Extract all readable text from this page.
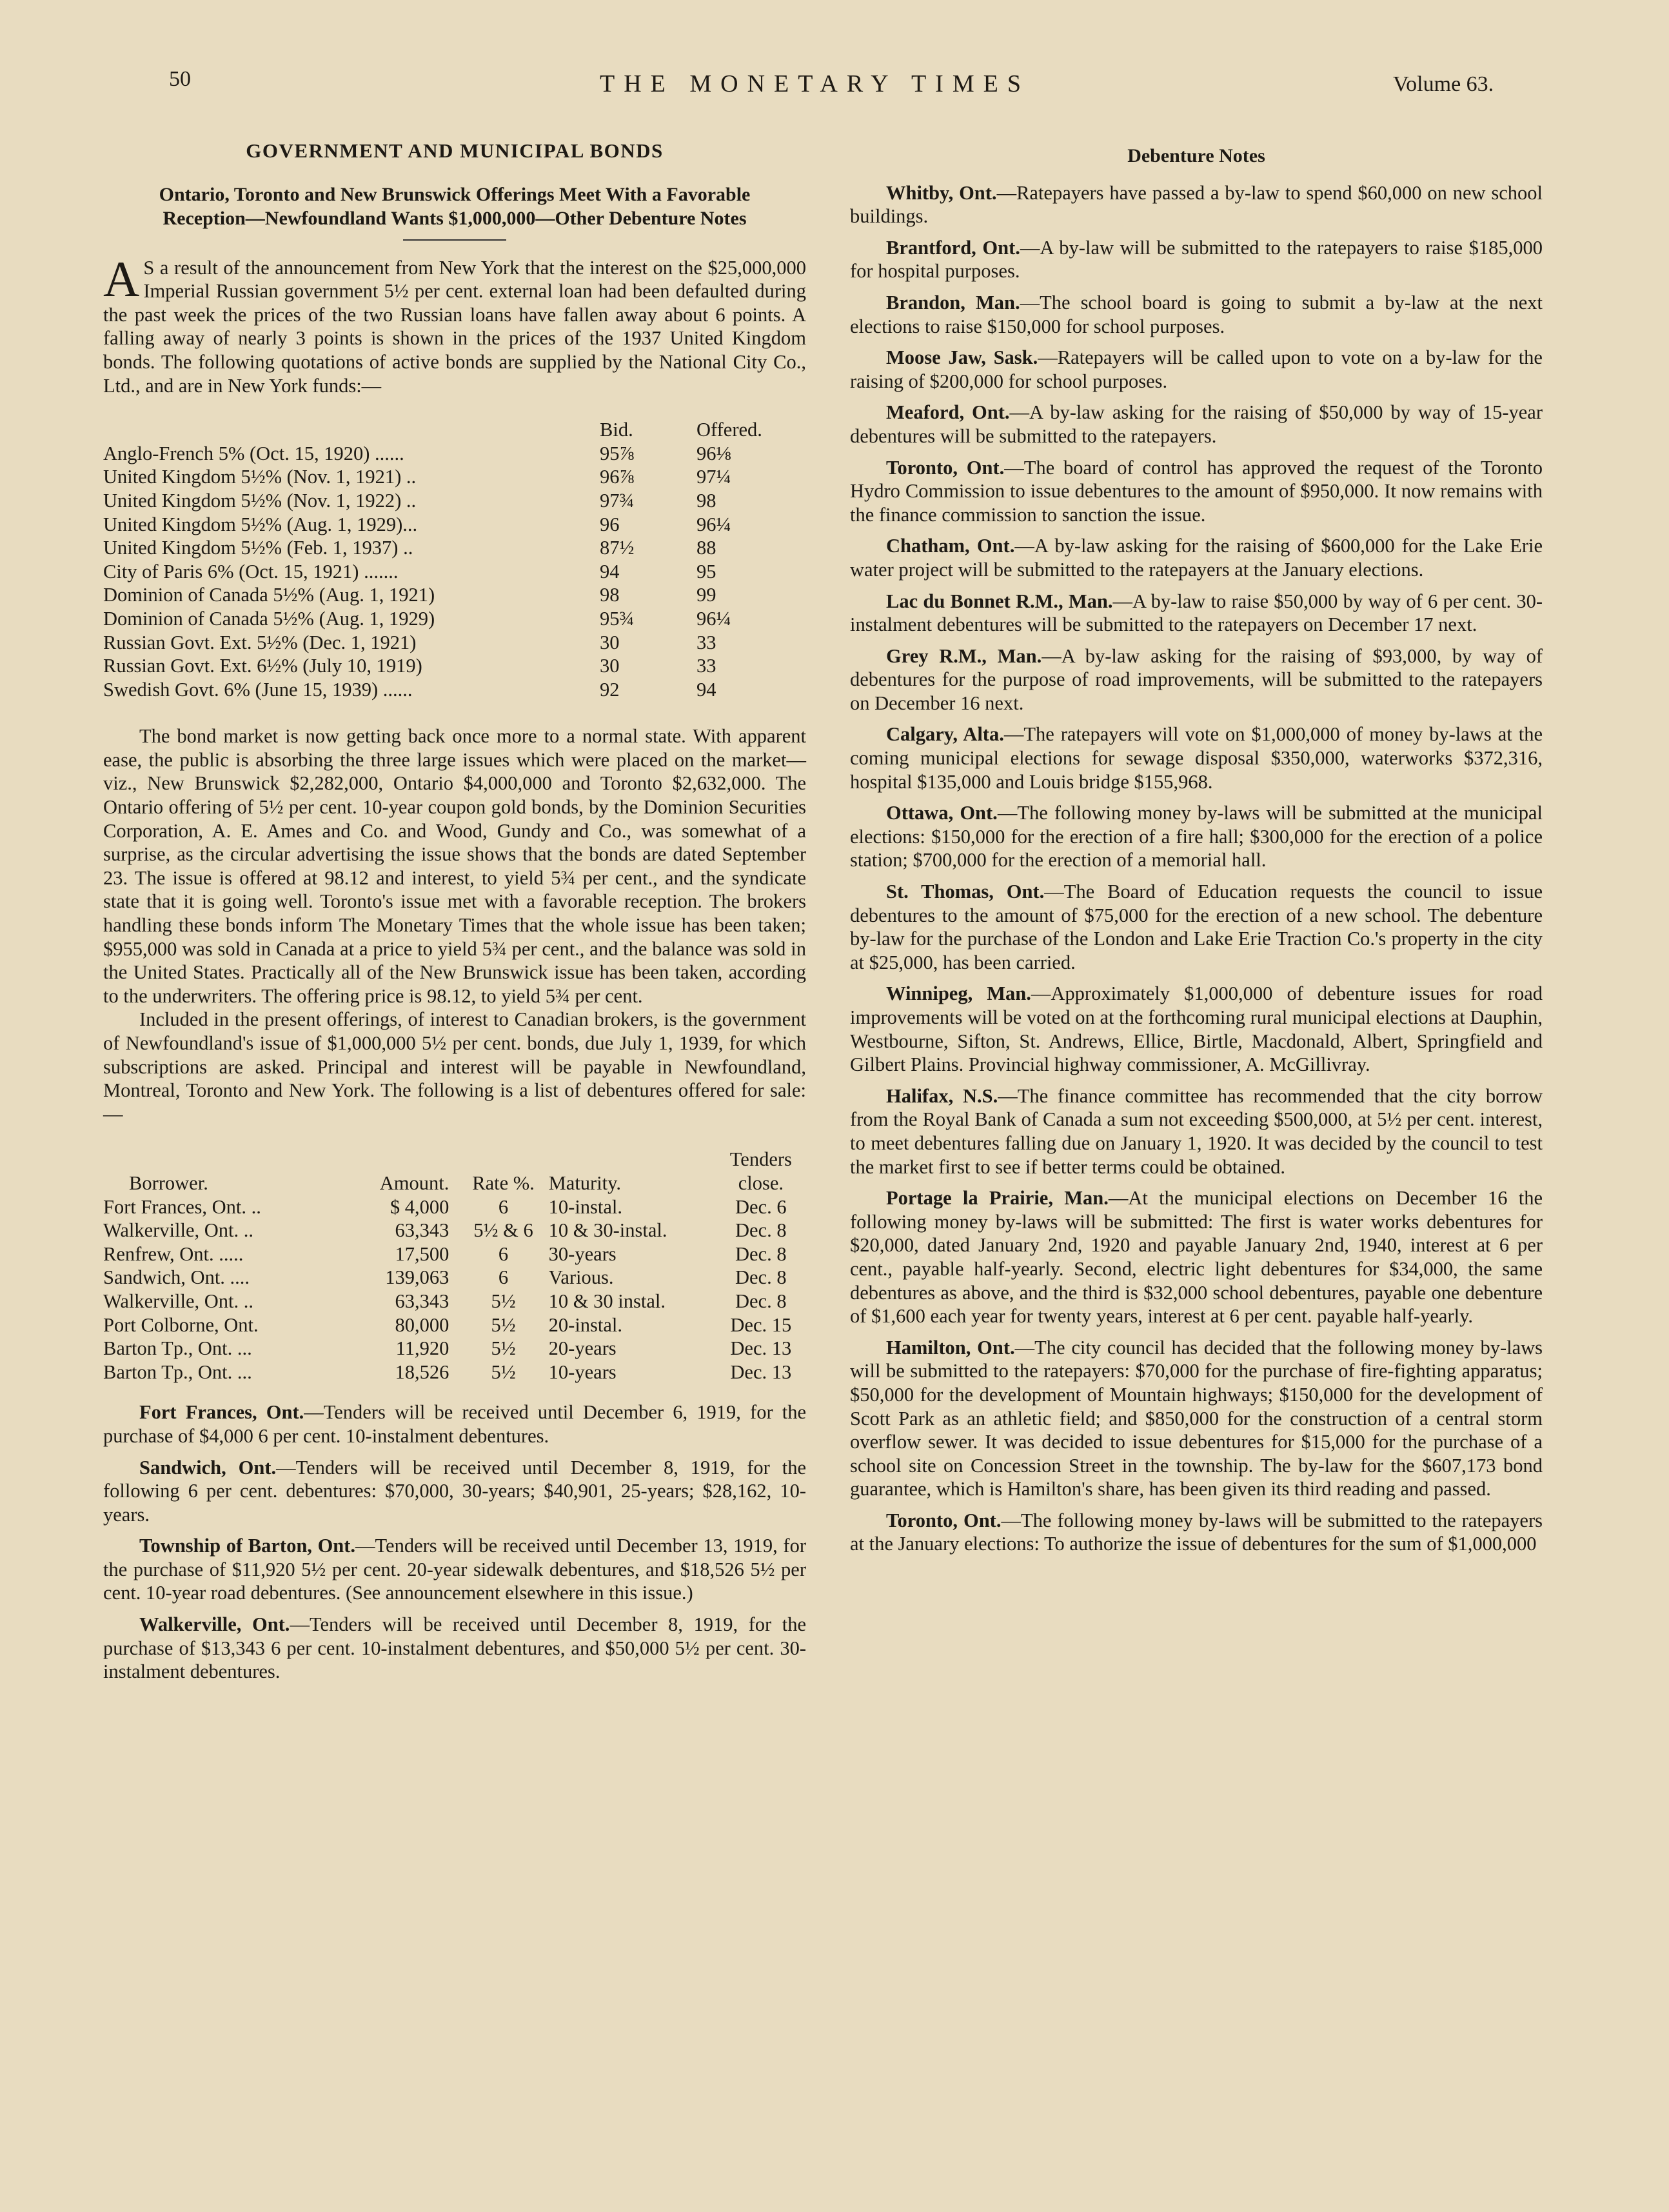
50	THE MONETARY TIMES	Volume 63.
GOVERNMENT AND MUNICIPAL BONDS
Ontario, Toronto and New Brunswick Offerings Meet With a Favorable Reception—Newfoundland Wants $1,000,000—Other Debenture Notes

A S a result of the announcement from New York that the interest on the $25,000,000 Imperial Russian government 5½ per cent. external loan had been defaulted during the past week the prices of the two Russian loans have fallen away about 6 points. A falling away of nearly 3 points is shown in the prices of the 1937 United Kingdom bonds. The following quotations of active bonds are supplied by the National City Co., Ltd., and are in New York funds:—

	Bid.	Offered.
Anglo-French 5% (Oct. 15, 1920) ......	95⅞	96⅛
United Kingdom 5½% (Nov. 1, 1921) ..	96⅞	97¼
United Kingdom 5½% (Nov. 1, 1922) ..	97¾	98
United Kingdom 5½% (Aug. 1, 1929)...	96	96¼
United Kingdom 5½% (Feb. 1, 1937) ..	87½	88
City of Paris 6% (Oct. 15, 1921) .......	94	95
Dominion of Canada 5½% (Aug. 1, 1921)	98	99
Dominion of Canada 5½% (Aug. 1, 1929)	95¾	96¼
Russian Govt. Ext. 5½% (Dec. 1, 1921)	30	33
Russian Govt. Ext. 6½% (July 10, 1919)	30	33
Swedish Govt. 6% (June 15, 1939) ......	92	94

The bond market is now getting back once more to a normal state. With apparent ease, the public is absorbing the three large issues which were placed on the market—viz., New Brunswick $2,282,000, Ontario $4,000,000 and Toronto $2,632,000. The Ontario offering of 5½ per cent. 10-year coupon gold bonds, by the Dominion Securities Corporation, A. E. Ames and Co. and Wood, Gundy and Co., was somewhat of a surprise, as the circular advertising the issue shows that the bonds are dated September 23. The issue is offered at 98.12 and interest, to yield 5¾ per cent., and the syndicate state that it is going well. Toronto's issue met with a favorable reception. The brokers handling these bonds inform The Monetary Times that the whole issue has been taken; $955,000 was sold in Canada at a price to yield 5¾ per cent., and the balance was sold in the United States. Practically all of the New Brunswick issue has been taken, according to the underwriters. The offering price is 98.12, to yield 5¾ per cent.

Included in the present offerings, of interest to Canadian brokers, is the government of Newfoundland's issue of $1,000,000 5½ per cent. bonds, due July 1, 1939, for which subscriptions are asked. Principal and interest will be payable in Newfoundland, Montreal, Toronto and New York. The following is a list of debentures offered for sale:—

				Tenders
Borrower.	Amount.	Rate %.	Maturity.	close.
Fort Frances, Ont. ..	$ 4,000	6	10-instal.	Dec. 6
Walkerville, Ont. ..	63,343	5½ & 6	10 & 30-instal.	Dec. 8
Renfrew, Ont. .....	17,500	6	30-years	Dec. 8
Sandwich, Ont. ....	139,063	6	Various.	Dec. 8
Walkerville, Ont. ..	63,343	5½	10 & 30 instal.	Dec. 8
Port Colborne, Ont.	80,000	5½	20-instal.	Dec. 15
Barton Tp., Ont. ...	11,920	5½	20-years	Dec. 13
Barton Tp., Ont. ...	18,526	5½	10-years	Dec. 13

Fort Frances, Ont.—Tenders will be received until December 6, 1919, for the purchase of $4,000 6 per cent. 10-instalment debentures.

Sandwich, Ont.—Tenders will be received until December 8, 1919, for the following 6 per cent. debentures: $70,000, 30-years; $40,901, 25-years; $28,162, 10-years.

Township of Barton, Ont.—Tenders will be received until December 13, 1919, for the purchase of $11,920 5½ per cent. 20-year sidewalk debentures, and $18,526 5½ per cent. 10-year road debentures. (See announcement elsewhere in this issue.)

Walkerville, Ont.—Tenders will be received until December 8, 1919, for the purchase of $13,343 6 per cent. 10-instalment debentures, and $50,000 5½ per cent. 30-instalment debentures.

Debenture Notes

Whitby, Ont.—Ratepayers have passed a by-law to spend $60,000 on new school buildings.

Brantford, Ont.—A by-law will be submitted to the ratepayers to raise $185,000 for hospital purposes.

Brandon, Man.—The school board is going to submit a by-law at the next elections to raise $150,000 for school purposes.

Moose Jaw, Sask.—Ratepayers will be called upon to vote on a by-law for the raising of $200,000 for school purposes.

Meaford, Ont.—A by-law asking for the raising of $50,000 by way of 15-year debentures will be submitted to the ratepayers.

Toronto, Ont.—The board of control has approved the request of the Toronto Hydro Commission to issue debentures to the amount of $950,000. It now remains with the finance commission to sanction the issue.

Chatham, Ont.—A by-law asking for the raising of $600,000 for the Lake Erie water project will be submitted to the ratepayers at the January elections.

Lac du Bonnet R.M., Man.—A by-law to raise $50,000 by way of 6 per cent. 30-instalment debentures will be submitted to the ratepayers on December 17 next.

Grey R.M., Man.—A by-law asking for the raising of $93,000, by way of debentures for the purpose of road improvements, will be submitted to the ratepayers on December 16 next.

Calgary, Alta.—The ratepayers will vote on $1,000,000 of money by-laws at the coming municipal elections for sewage disposal $350,000, waterworks $372,316, hospital $135,000 and Louis bridge $155,968.

Ottawa, Ont.—The following money by-laws will be submitted at the municipal elections: $150,000 for the erection of a fire hall; $300,000 for the erection of a police station; $700,000 for the erection of a memorial hall.

St. Thomas, Ont.—The Board of Education requests the council to issue debentures to the amount of $75,000 for the erection of a new school. The debenture by-law for the purchase of the London and Lake Erie Traction Co.'s property in the city at $25,000, has been carried.

Winnipeg, Man.—Approximately $1,000,000 of debenture issues for road improvements will be voted on at the forthcoming rural municipal elections at Dauphin, Westbourne, Sifton, St. Andrews, Ellice, Birtle, Macdonald, Albert, Springfield and Gilbert Plains. Provincial highway commissioner, A. McGillivray.

Halifax, N.S.—The finance committee has recommended that the city borrow from the Royal Bank of Canada a sum not exceeding $500,000, at 5½ per cent. interest, to meet debentures falling due on January 1, 1920. It was decided by the council to test the market first to see if better terms could be obtained.

Portage la Prairie, Man.—At the municipal elections on December 16 the following money by-laws will be submitted: The first is water works debentures for $20,000, dated January 2nd, 1920 and payable January 2nd, 1940, interest at 6 per cent., payable half-yearly. Second, electric light debentures for $34,000, the same debentures as above, and the third is $32,000 school debentures, payable one debenture of $1,600 each year for twenty years, interest at 6 per cent. payable half-yearly.

Hamilton, Ont.—The city council has decided that the following money by-laws will be submitted to the ratepayers: $70,000 for the purchase of fire-fighting apparatus; $50,000 for the development of Mountain highways; $150,000 for the development of Scott Park as an athletic field; and $850,000 for the construction of a central storm overflow sewer. It was decided to issue debentures for $15,000 for the purchase of a school site on Concession Street in the township. The by-law for the $607,173 bond guarantee, which is Hamilton's share, has been given its third reading and passed.

Toronto, Ont.—The following money by-laws will be submitted to the ratepayers at the January elections: To authorize the issue of debentures for the sum of $1,000,000
